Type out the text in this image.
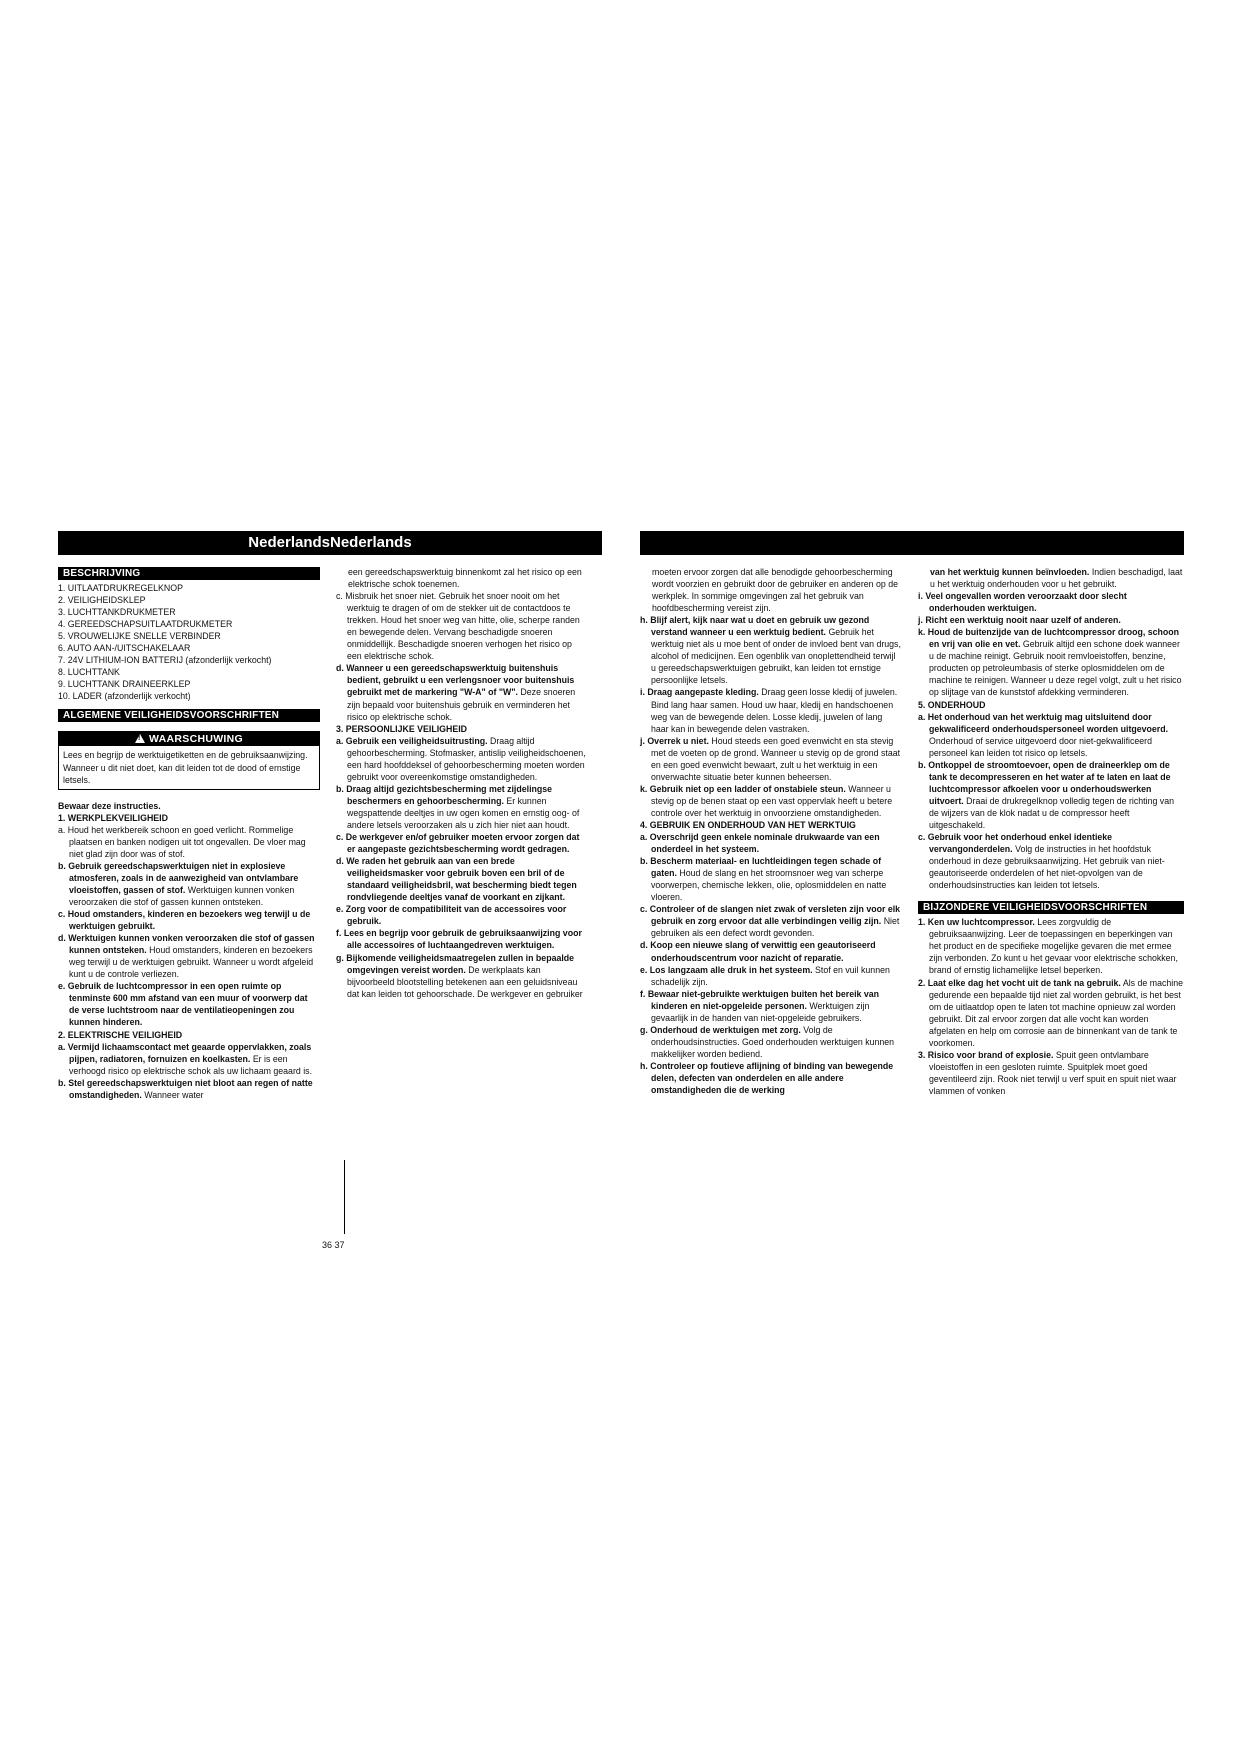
NederlandsNederlands
BESCHRIJVING

1. UITLAATDRUKREGELKNOP

2. VEILIGHEIDSKLEP

3. LUCHTTANKDRUKMETER

4. GEREEDSCHAPSUITLAATDRUKMETER

5. VROUWELIJKE SNELLE VERBINDER

6. AUTO AAN-/UITSCHAKELAAR

7. 24V LITHIUM-ION BATTERIJ (afzonderlijk verkocht)

8. LUCHTTANK

9. LUCHTTANK DRAINEERKLEP

10. LADER (afzonderlijk verkocht)

ALGEMENE VEILIGHEIDSVOORSCHRIFTEN
!WAARSCHUWING
Lees en begrijp de werktuigetiketten en de gebruiksaanwijzing. Wanneer u dit niet doet, kan dit leiden tot de dood of ernstige letsels.

Bewaar deze instructies.

1. WERKPLEKVEILIGHEID

a. Houd het werkbereik schoon en goed verlicht. Rommelige plaatsen en banken nodigen uit tot ongevallen. De vloer mag niet glad zijn door was of stof.

b. Gebruik gereedschapswerktuigen niet in explosieve atmosferen, zoals in de aanwezigheid van ontvlambare vloeistoffen, gassen of stof. Werktuigen kunnen vonken veroorzaken die stof of gassen kunnen ontsteken.

c. Houd omstanders, kinderen en bezoekers weg terwijl u de werktuigen gebruikt.

d. Werktuigen kunnen vonken veroorzaken die stof of gassen kunnen ontsteken. Houd omstanders, kinderen en bezoekers weg terwijl u de werktuigen gebruikt. Wanneer u wordt afgeleid kunt u de controle verliezen.

e. Gebruik de luchtcompressor in een open ruimte op tenminste 600 mm afstand van een muur of voorwerp dat de verse luchtstroom naar de ventilatieopeningen zou kunnen hinderen.

2. ELEKTRISCHE VEILIGHEID

a. Vermijd lichaamscontact met geaarde oppervlakken, zoals pijpen, radiatoren, fornuizen en koelkasten. Er is een verhoogd risico op elektrische schok als uw lichaam geaard is.

b. Stel gereedschapswerktuigen niet bloot aan regen of natte omstandigheden. Wanneer water

een gereedschapswerktuig binnenkomt zal het risico op een elektrische schok toenemen.

c. Misbruik het snoer niet. Gebruik het snoer nooit om het werktuig te dragen of om de stekker uit de contactdoos te trekken. Houd het snoer weg van hitte, olie, scherpe randen en bewegende delen. Vervang beschadigde snoeren onmiddellijk. Beschadigde snoeren verhogen het risico op een elektrische schok.

d. Wanneer u een gereedschapswerktuig buitenshuis bedient, gebruikt u een verlengsnoer voor buitenshuis gebruikt met de markering "W-A" of "W". Deze snoeren zijn bepaald voor buitenshuis gebruik en verminderen het risico op elektrische schok.

3. PERSOONLIJKE VEILIGHEID

a. Gebruik een veiligheidsuitrusting. Draag altijd gehoorbescherming. Stofmasker, antislip veiligheidschoenen, een hard hoofddeksel of gehoorbescherming moeten worden gebruikt voor overeenkomstige omstandigheden.

b. Draag altijd gezichtsbescherming met zijdelingse beschermers en gehoorbescherming. Er kunnen wegspattende deeltjes in uw ogen komen en ernstig oog- of andere letsels veroorzaken als u zich hier niet aan houdt.

c. De werkgever en/of gebruiker moeten ervoor zorgen dat er aangepaste gezichtsbescherming wordt gedragen.

d. We raden het gebruik aan van een brede veiligheidsmasker voor gebruik boven een bril of de standaard veiligheidsbril, wat bescherming biedt tegen rondvliegende deeltjes vanaf de voorkant en zijkant.

e. Zorg voor de compatibiliteit van de accessoires voor gebruik.

f. Lees en begrijp voor gebruik de gebruiksaanwijzing voor alle accessoires of luchtaangedreven werktuigen.

g. Bijkomende veiligheidsmaatregelen zullen in bepaalde omgevingen vereist worden. De werkplaats kan bijvoorbeeld blootstelling betekenen aan een geluidsniveau dat kan leiden tot gehoorschade. De werkgever en gebruiker

36 37

moeten ervoor zorgen dat alle benodigde gehoorbescherming wordt voorzien en gebruikt door de gebruiker en anderen op de werkplek. In sommige omgevingen zal het gebruik van hoofdbescherming vereist zijn.

h. Blijf alert, kijk naar wat u doet en gebruik uw gezond verstand wanneer u een werktuig bedient. Gebruik het werktuig niet als u moe bent of onder de invloed bent van drugs, alcohol of medicijnen. Een ogenblik van onoplettendheid terwijl u gereedschapswerktuigen gebruikt, kan leiden tot ernstige persoonlijke letsels.

i. Draag aangepaste kleding. Draag geen losse kledij of juwelen. Bind lang haar samen. Houd uw haar, kledij en handschoenen weg van de bewegende delen. Losse kledij, juwelen of lang haar kan in bewegende delen vastraken.

j. Overrek u niet. Houd steeds een goed evenwicht en sta stevig met de voeten op de grond. Wanneer u stevig op de grond staat en een goed evenwicht bewaart, zult u het werktuig in een onverwachte situatie beter kunnen beheersen.

k. Gebruik niet op een ladder of onstabiele steun. Wanneer u stevig op de benen staat op een vast oppervlak heeft u betere controle over het werktuig in onvoorziene omstandigheden.

4. GEBRUIK EN ONDERHOUD VAN HET WERKTUIG

a. Overschrijd geen enkele nominale drukwaarde van een onderdeel in het systeem.

b. Bescherm materiaal- en luchtleidingen tegen schade of gaten. Houd de slang en het stroomsnoer weg van scherpe voorwerpen, chemische lekken, olie, oplosmiddelen en natte vloeren.

c. Controleer of de slangen niet zwak of versleten zijn voor elk gebruik en zorg ervoor dat alle verbindingen veilig zijn. Niet gebruiken als een defect wordt gevonden.

d. Koop een nieuwe slang of verwittig een geautoriseerd onderhoudscentrum voor nazicht of reparatie.

e. Los langzaam alle druk in het systeem. Stof en vuil kunnen schadelijk zijn.

f. Bewaar niet-gebruikte werktuigen buiten het bereik van kinderen en niet-opgeleide personen. Werktuigen zijn gevaarlijk in de handen van niet-opgeleide gebruikers.

g. Onderhoud de werktuigen met zorg. Volg de onderhoudsinstructies. Goed onderhouden werktuigen kunnen makkelijker worden bediend.

h. Controleer op foutieve aflijning of binding van bewegende delen, defecten van onderdelen en alle andere omstandigheden die de werking

van het werktuig kunnen beïnvloeden. Indien beschadigd, laat u het werktuig onderhouden voor u het gebruikt.

i. Veel ongevallen worden veroorzaakt door slecht onderhouden werktuigen.

j. Richt een werktuig nooit naar uzelf of anderen.

k. Houd de buitenzijde van de luchtcompressor droog, schoon en vrij van olie en vet. Gebruik altijd een schone doek wanneer u de machine reinigt. Gebruik nooit remvloeistoffen, benzine, producten op petroleumbasis of sterke oplosmiddelen om de machine te reinigen. Wanneer u deze regel volgt, zult u het risico op slijtage van de kunststof afdekking verminderen.

5. ONDERHOUD

a. Het onderhoud van het werktuig mag uitsluitend door gekwalificeerd onderhoudspersoneel worden uitgevoerd. Onderhoud of service uitgevoerd door niet-gekwalificeerd personeel kan leiden tot risico op letsels.

b. Ontkoppel de stroomtoevoer, open de draineerklep om de tank te decompresseren en het water af te laten en laat de luchtcompressor afkoelen voor u onderhoudswerken uitvoert. Draai de drukregelknop volledig tegen de richting van de wijzers van de klok nadat u de compressor heeft uitgeschakeld.

c. Gebruik voor het onderhoud enkel identieke vervangonderdelen. Volg de instructies in het hoofdstuk onderhoud in deze gebruiksaanwijzing. Het gebruik van niet-geautoriseerde onderdelen of het niet-opvolgen van de onderhoudsinstructies kan leiden tot letsels.

BIJZONDERE VEILIGHEIDSVOORSCHRIFTEN

1. Ken uw luchtcompressor. Lees zorgvuldig de gebruiksaanwijzing. Leer de toepassingen en beperkingen van het product en de specifieke mogelijke gevaren die met ermee zijn verbonden. Zo kunt u het gevaar voor elektrische schokken, brand of ernstig lichamelijke letsel beperken.

2. Laat elke dag het vocht uit de tank na gebruik. Als de machine gedurende een bepaalde tijd niet zal worden gebruikt, is het best om de uitlaatdop open te laten tot machine opnieuw zal worden gebruikt. Dit zal ervoor zorgen dat alle vocht kan worden afgelaten en help om corrosie aan de binnenkant van de tank te voorkomen.

3. Risico voor brand of explosie. Spuit geen ontvlambare vloeistoffen in een gesloten ruimte. Spuitplek moet goed geventileerd zijn. Rook niet terwijl u verf spuit en spuit niet waar vlammen of vonken
